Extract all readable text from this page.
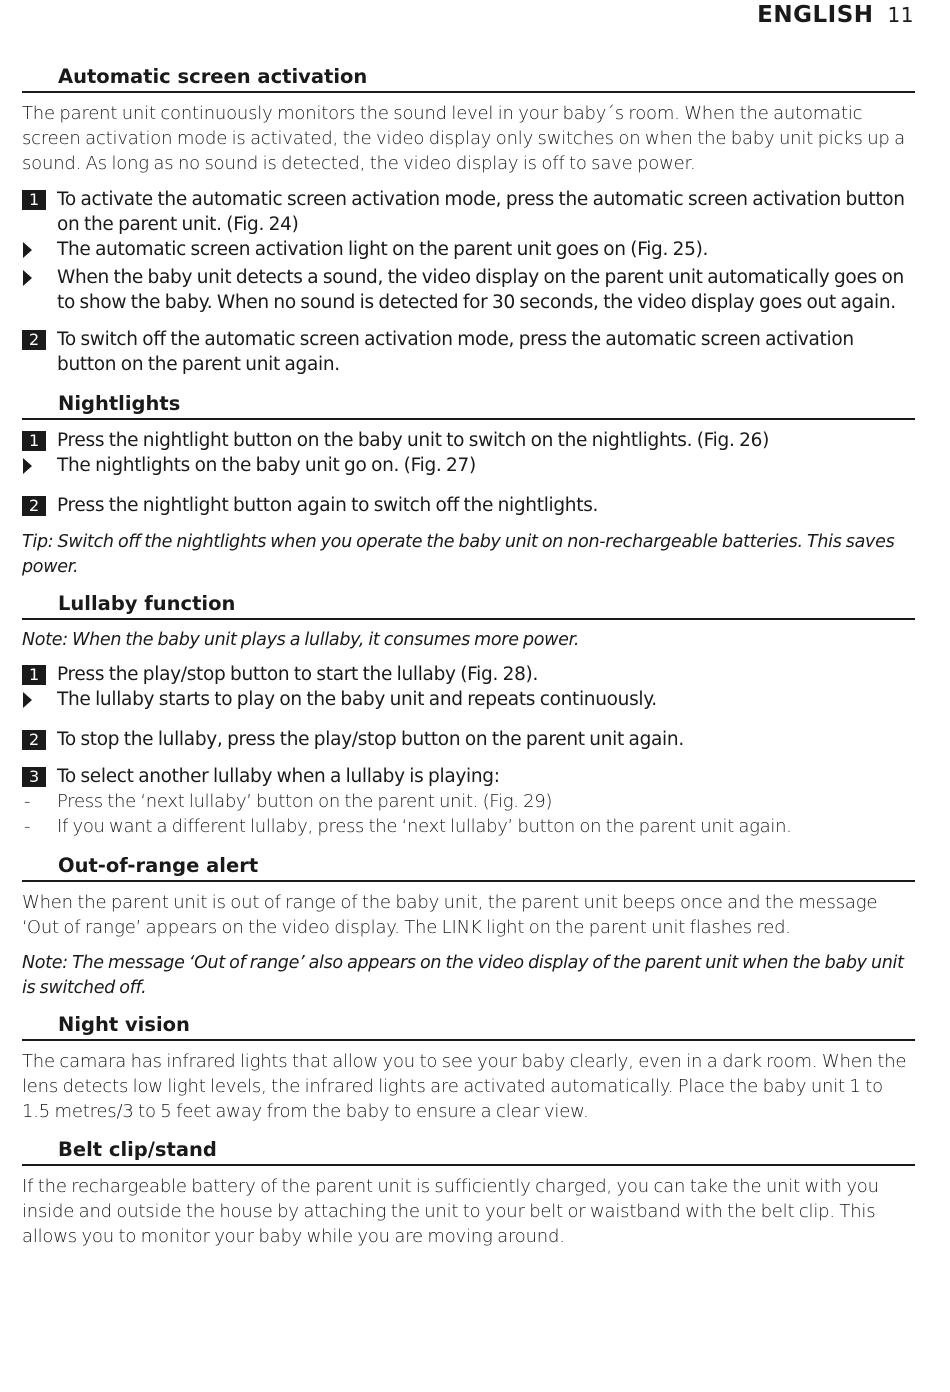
ENGLISH 11
Automatic screen activation
The parent unit continuously monitors the sound level in your baby´s room. When the automatic screen activation mode is activated, the video display only switches on when the baby unit picks up a sound. As long as no sound is detected, the video display is off to save power.
1 To activate the automatic screen activation mode, press the automatic screen activation button on the parent unit. (Fig. 24)
The automatic screen activation light on the parent unit goes on (Fig. 25).
When the baby unit detects a sound, the video display on the parent unit automatically goes on to show the baby. When no sound is detected for 30 seconds, the video display goes out again.
2 To switch off the automatic screen activation mode, press the automatic screen activation button on the parent unit again.
Nightlights
1 Press the nightlight button on the baby unit to switch on the nightlights. (Fig. 26)
The nightlights on the baby unit go on. (Fig. 27)
2 Press the nightlight button again to switch off the nightlights.
Tip: Switch off the nightlights when you operate the baby unit on non-rechargeable batteries. This saves power.
Lullaby function
Note: When the baby unit plays a lullaby, it consumes more power.
1 Press the play/stop button to start the lullaby (Fig. 28).
The lullaby starts to play on the baby unit and repeats continuously.
2 To stop the lullaby, press the play/stop button on the parent unit again.
3 To select another lullaby when a lullaby is playing:
-	Press the ‘next lullaby’ button on the parent unit. (Fig. 29)
-	If you want a different lullaby, press the ‘next lullaby’ button on the parent unit again.
Out-of-range alert
When the parent unit is out of range of the baby unit, the parent unit beeps once and the message ‘Out of range’ appears on the video display. The LINK light on the parent unit flashes red.
Note: The message ‘Out of range’ also appears on the video display of the parent unit when the baby unit is switched off.
Night vision
The camara has infrared lights that allow you to see your baby clearly, even in a dark room. When the lens detects low light levels, the infrared lights are activated automatically. Place the baby unit 1 to 1.5 metres/3 to 5 feet away from the baby to ensure a clear view.
Belt clip/stand
If the rechargeable battery of the parent unit is sufficiently charged, you can take the unit with you inside and outside the house by attaching the unit to your belt or waistband with the belt clip. This allows you to monitor your baby while you are moving around.
